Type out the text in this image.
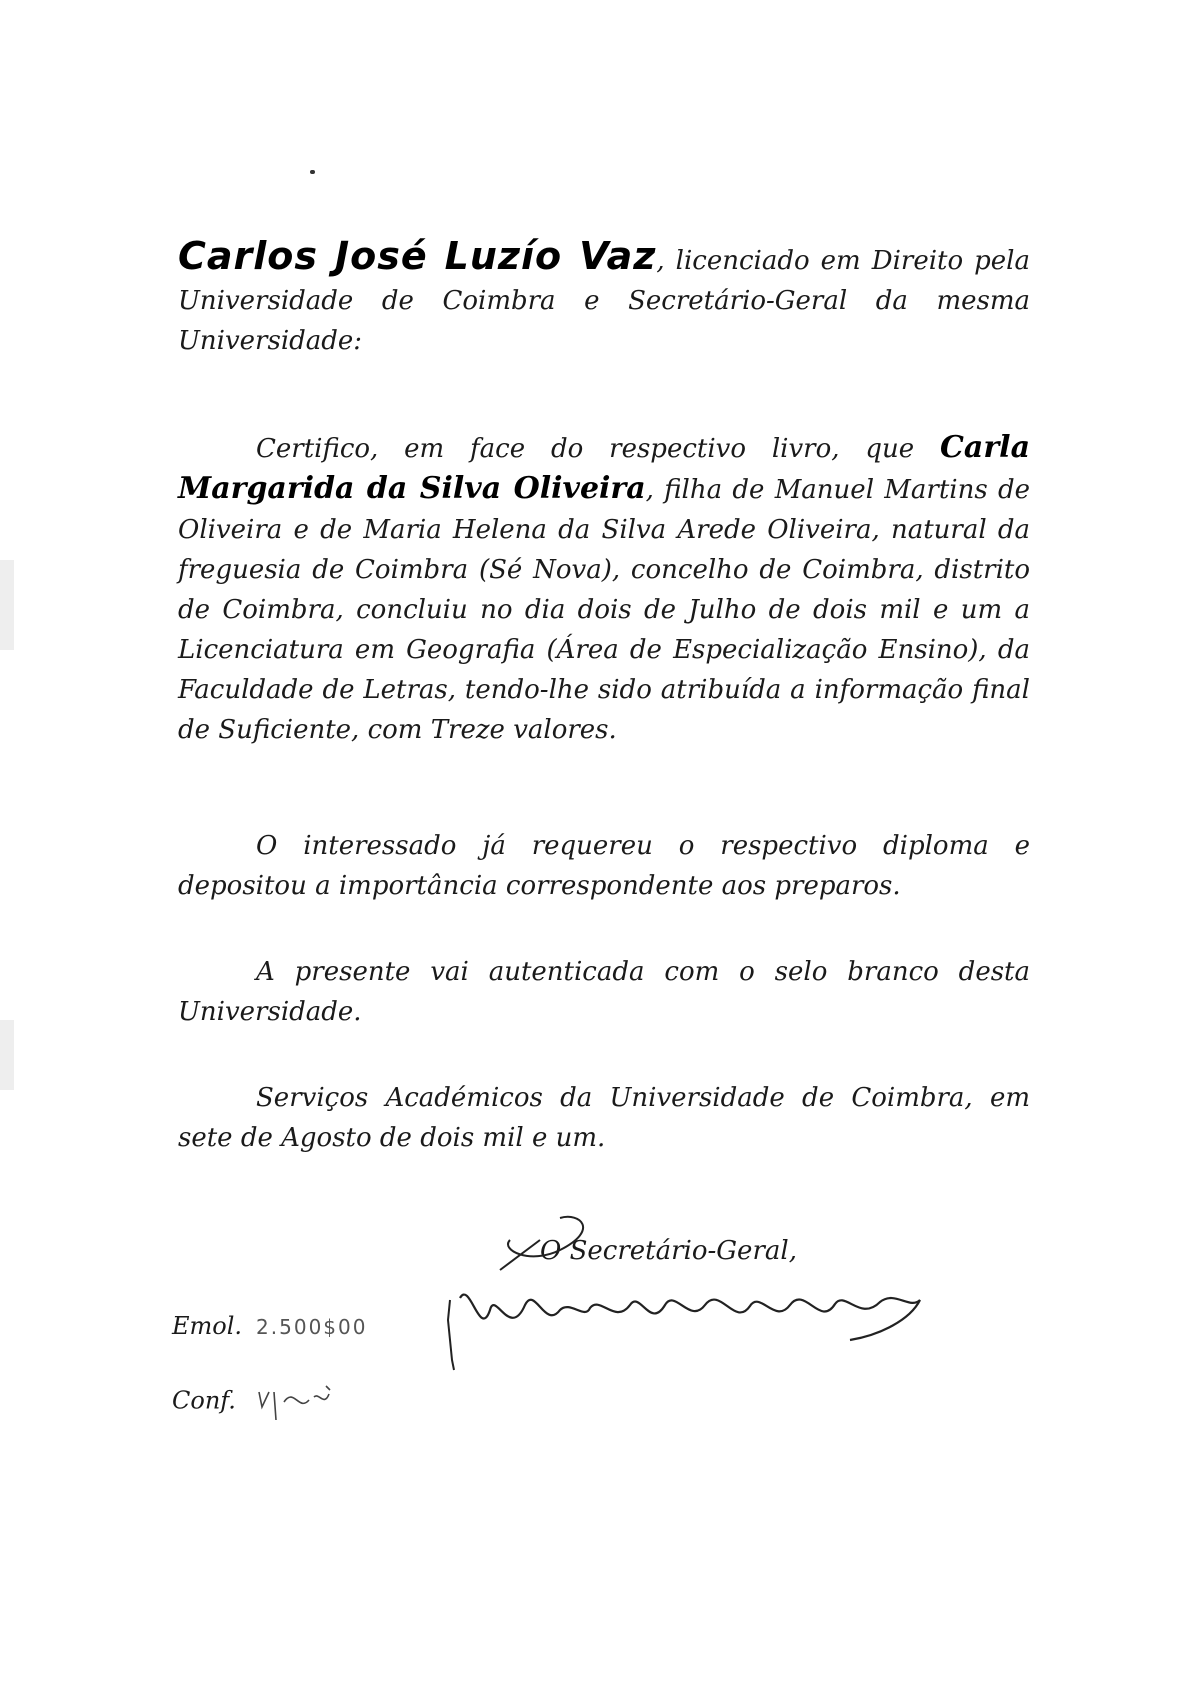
Carlos José Luzío Vaz, licenciado em Direito pela Universidade de Coimbra e Secretário-Geral da mesma Universidade:

Certifico, em face do respectivo livro, que Carla Margarida da Silva Oliveira, filha de Manuel Martins de Oliveira e de Maria Helena da Silva Arede Oliveira, natural da freguesia de Coimbra (Sé Nova), concelho de Coimbra, distrito de Coimbra, concluiu no dia dois de Julho de dois mil e um a Licenciatura em Geografia (Área de Especialização Ensino), da Faculdade de Letras, tendo-lhe sido atribuída a informação final de Suficiente, com Treze valores.

O interessado já requereu o respectivo diploma e depositou a importância correspondente aos preparos.

A presente vai autenticada com o selo branco desta Universidade.

Serviços Académicos da Universidade de Coimbra, em sete de Agosto de dois mil e um.

O Secretário-Geral,
Emol. 2.500$00
Conf.
